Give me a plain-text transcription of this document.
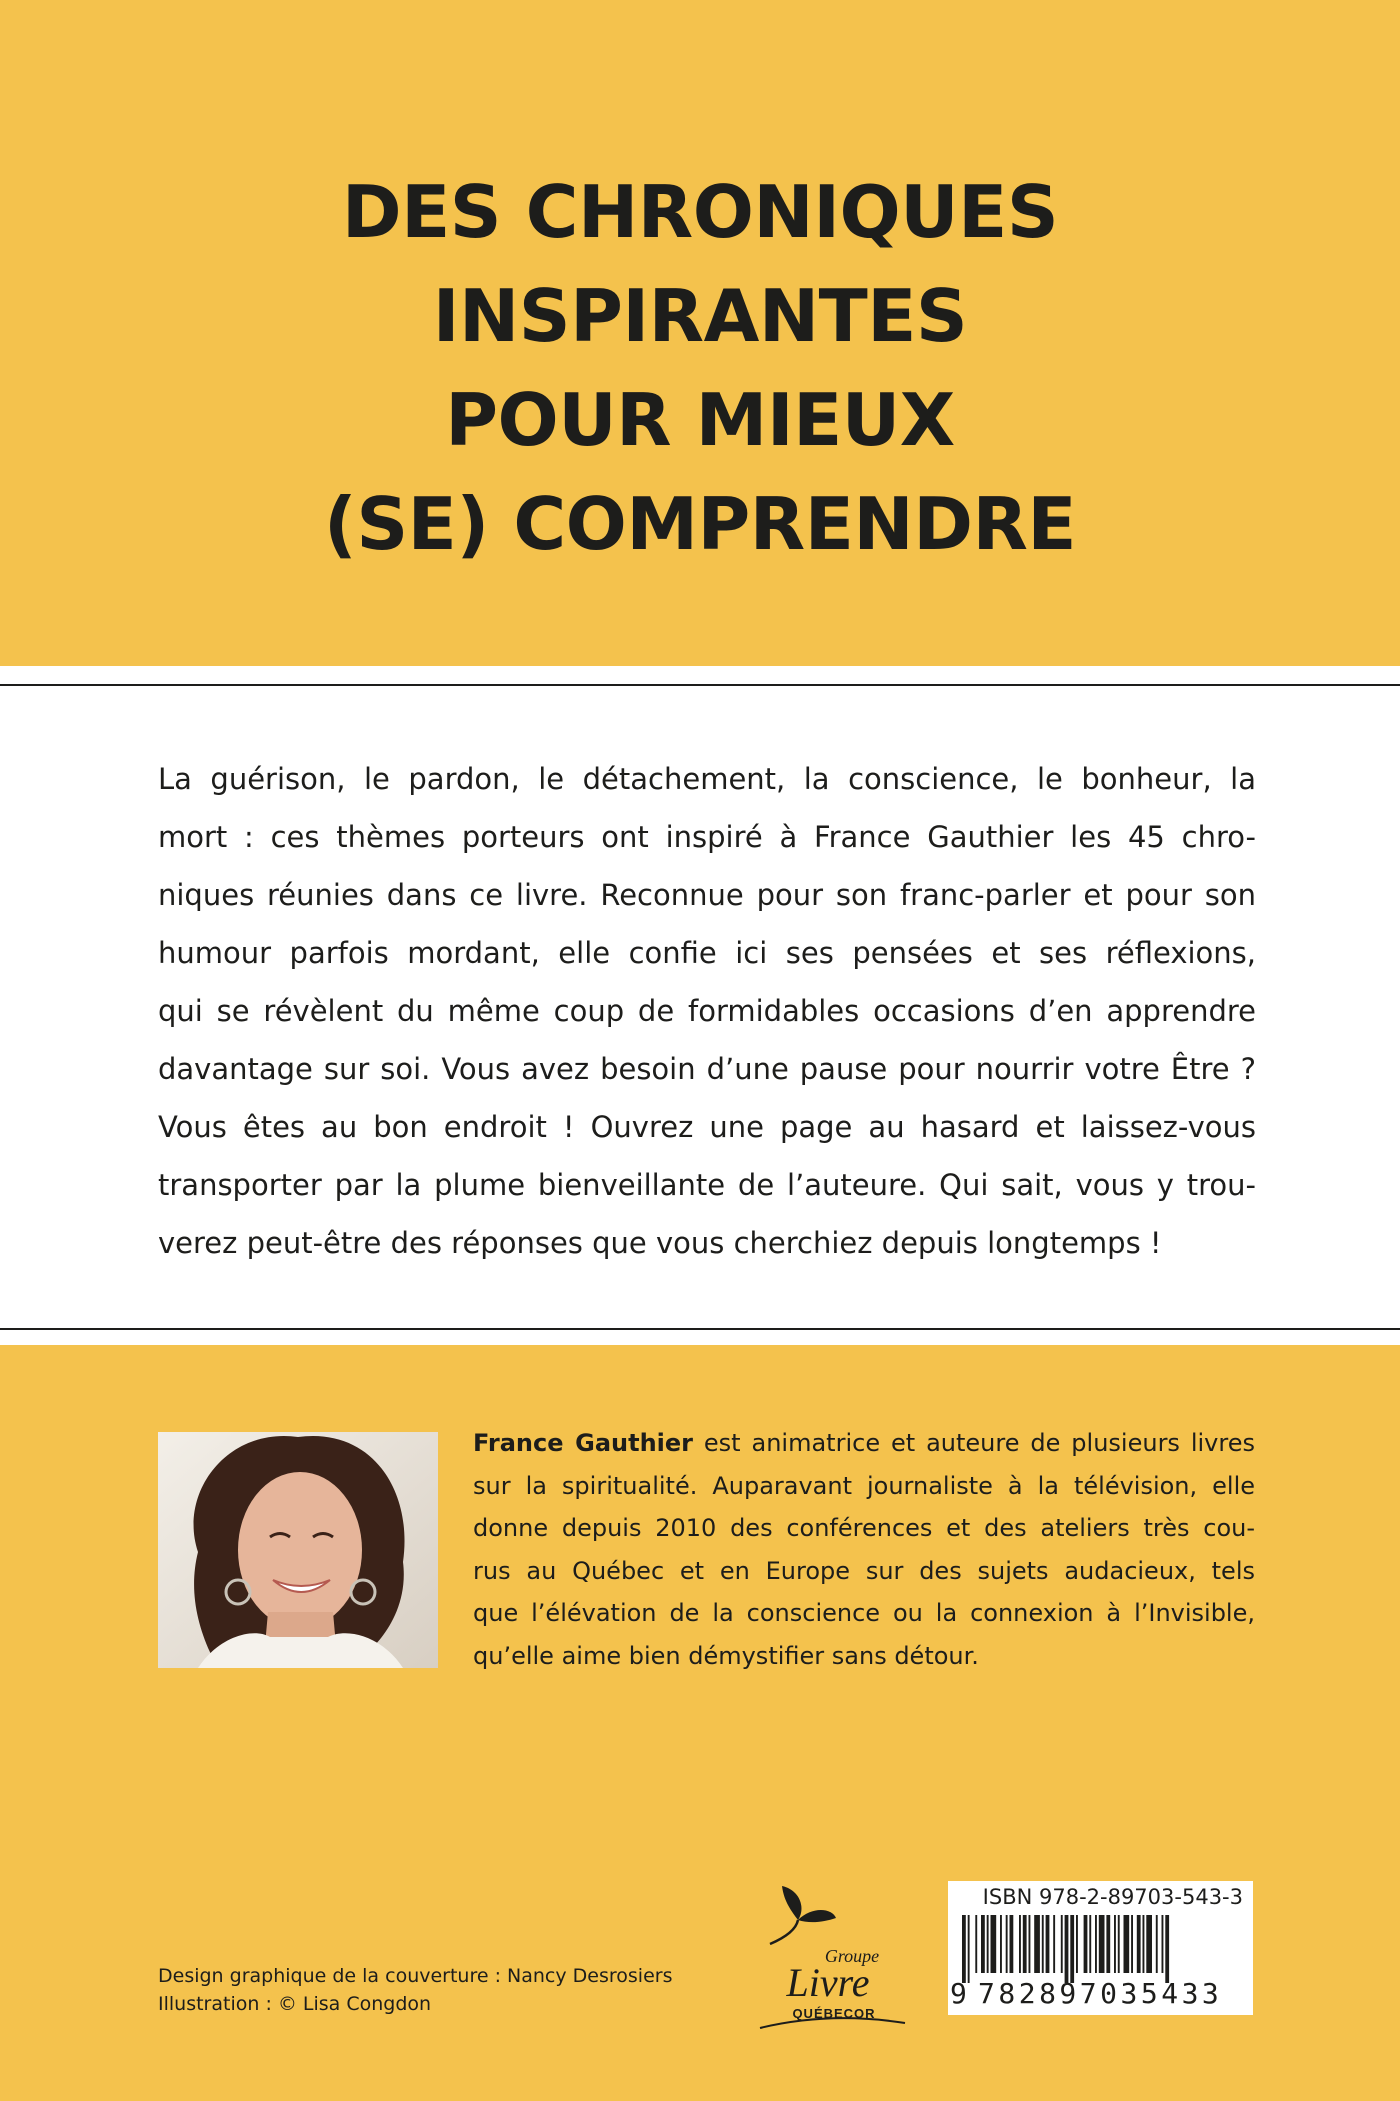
DES CHRONIQUES
INSPIRANTES
POUR MIEUX
(SE) COMPRENDRE

La guérison, le pardon, le détachement, la conscience, le bonheur, la
mort : ces thèmes porteurs ont inspiré à France Gauthier les 45 chro-
niques réunies dans ce livre. Reconnue pour son franc-parler et pour son
humour parfois mordant, elle confie ici ses pensées et ses réflexions,
qui se révèlent du même coup de formidables occasions d’en apprendre
davantage sur soi. Vous avez besoin d’une pause pour nourrir votre Être ?
Vous êtes au bon endroit ! Ouvrez une page au hasard et laissez-vous
transporter par la plume bienveillante de l’auteure. Qui sait, vous y trou-
verez peut-être des réponses que vous cherchiez depuis longtemps !

France Gauthier est animatrice et auteure de plusieurs livres
sur la spiritualité. Auparavant journaliste à la télévision, elle
donne depuis 2010 des conférences et des ateliers très cou-
rus au Québec et en Europe sur des sujets audacieux, tels
que l’élévation de la conscience ou la connexion à l’Invisible,
qu’elle aime bien démystifier sans détour.

Design graphique de la couverture : Nancy Desrosiers
Illustration : © Lisa Congdon
Groupe
Livre
QUÉBECOR
ISBN 978-2-89703-543-3
9 782897035433
